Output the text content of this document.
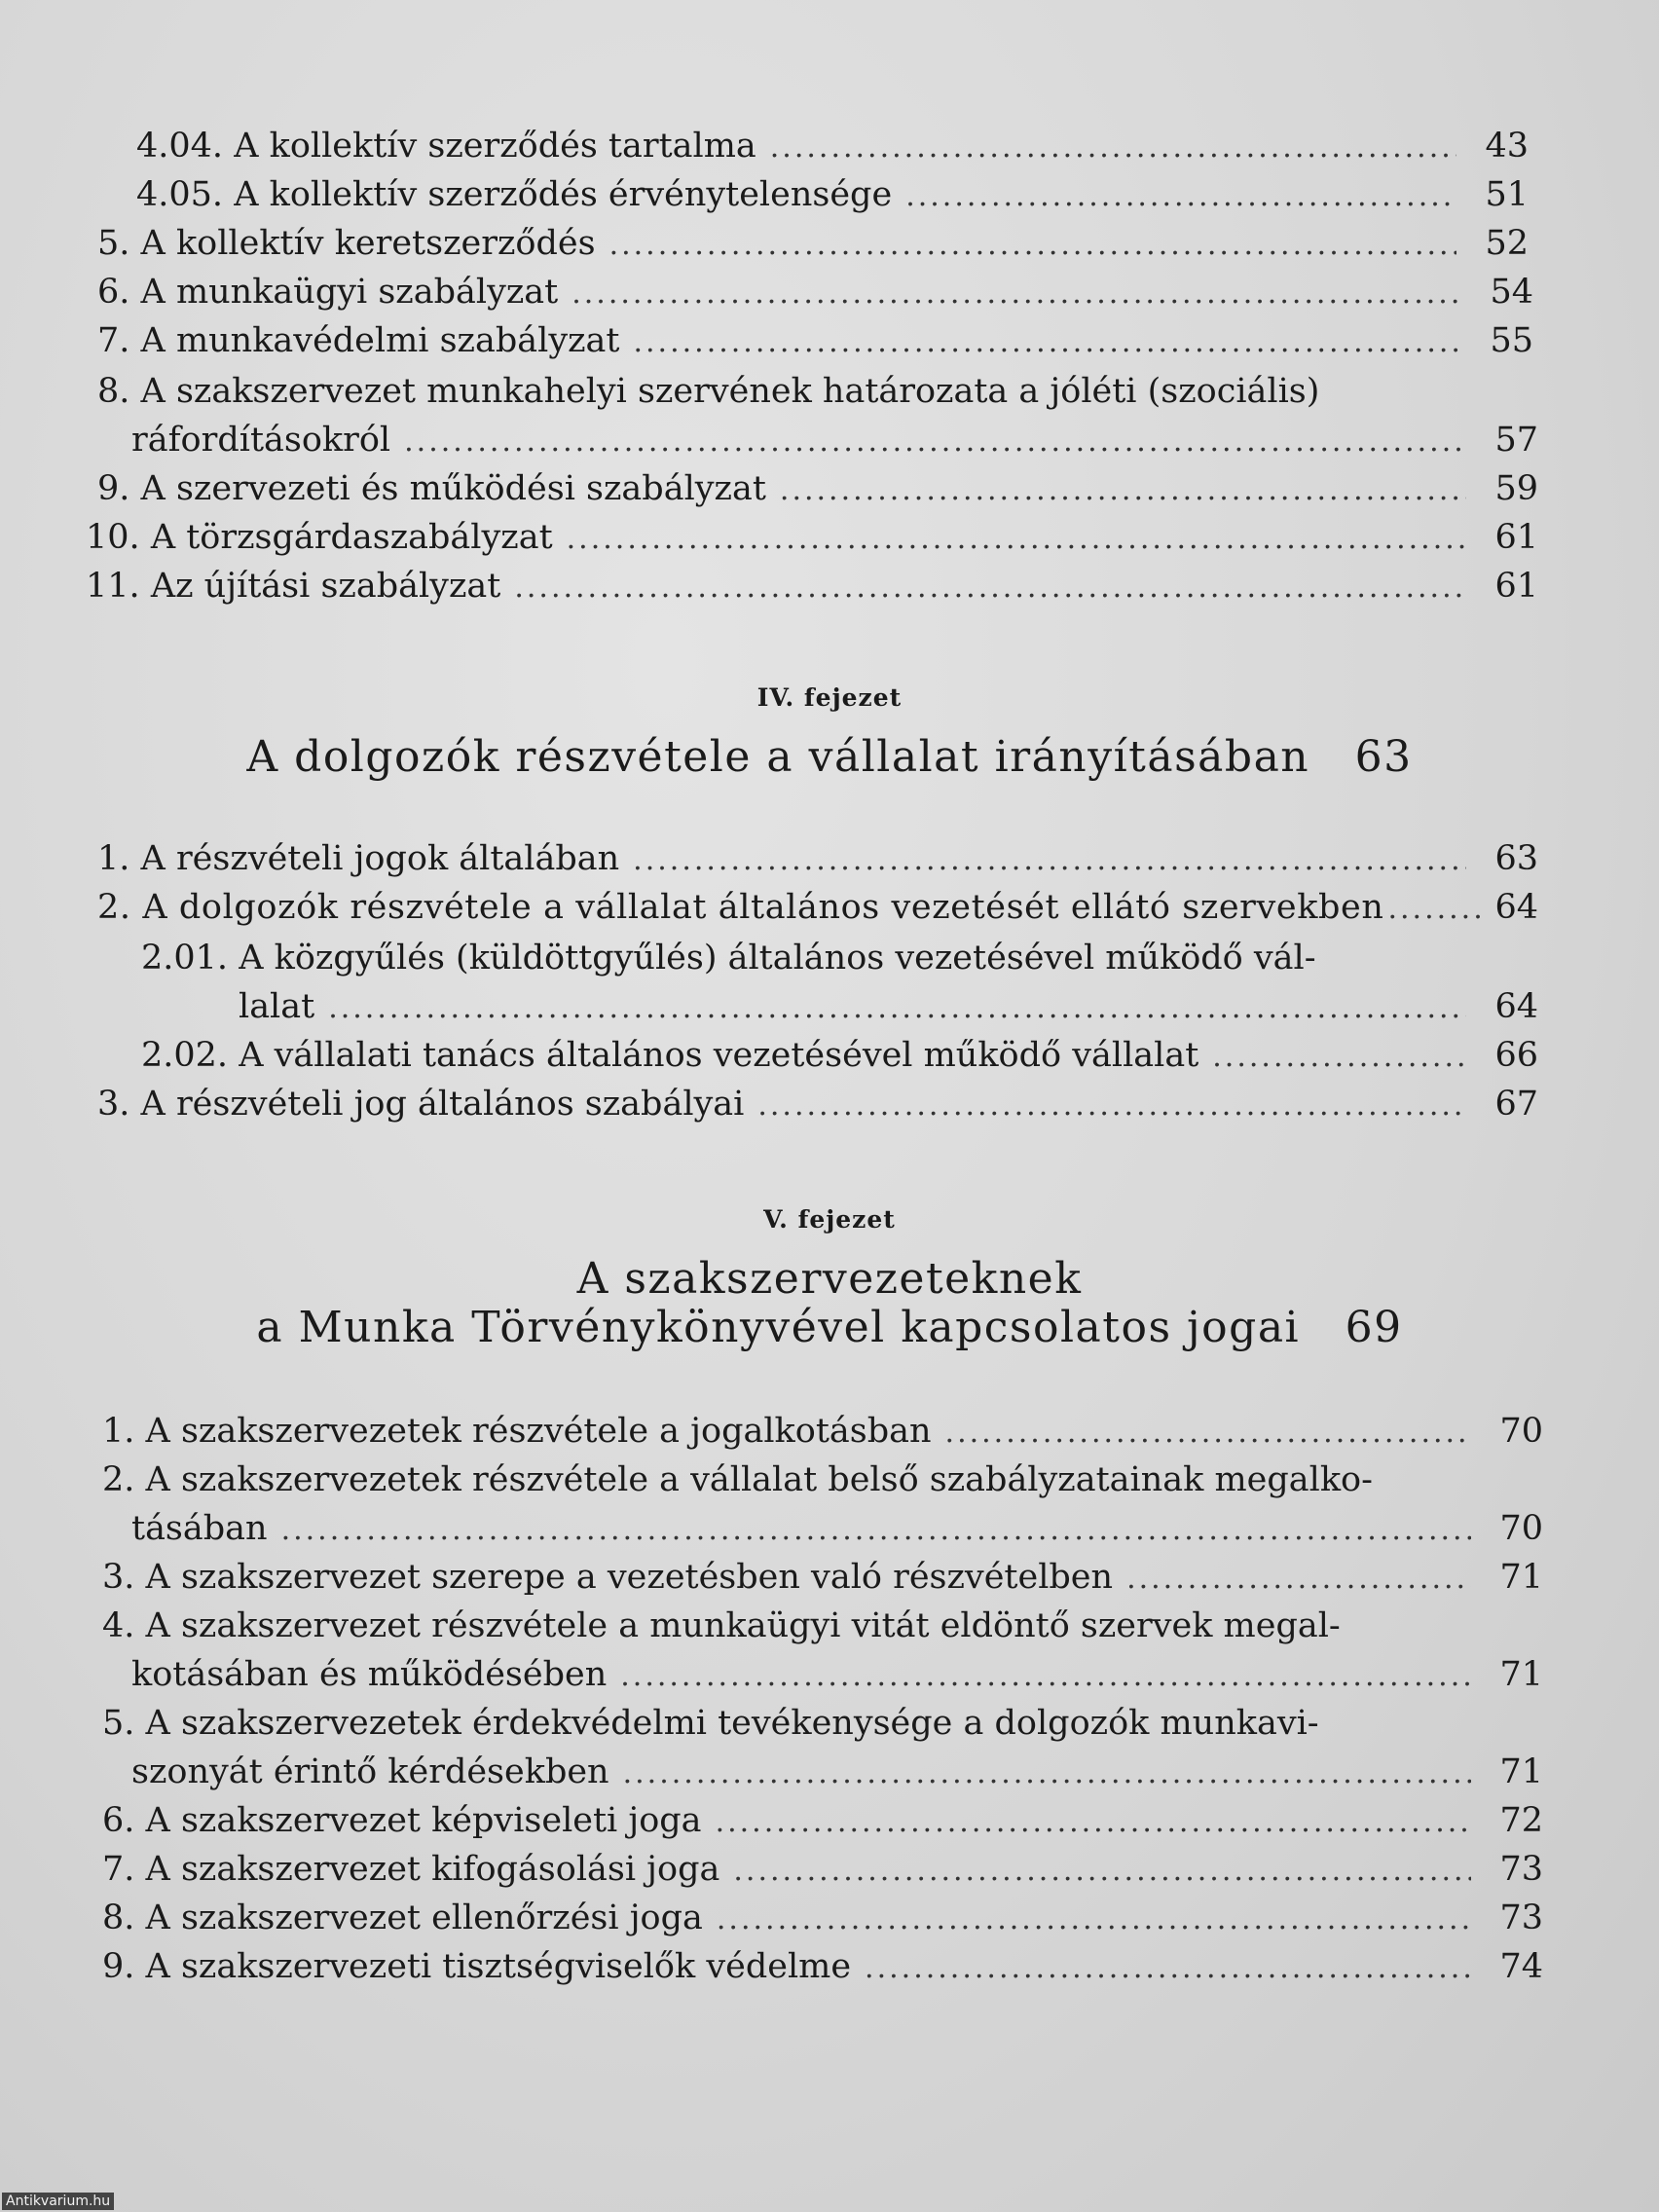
4.04. A kollektív szerződés tartalma .....	43
4.05. A kollektív szerződés érvénytelensége .....	51
5. A kollektív keretszerződés .....	52
6. A munkaügyi szabályzat .....	54
7. A munkavédelmi szabályzat .....	55
8. A szakszervezet munkahelyi szervének határozata a jóléti (szociális)
ráfordításokról .....	57
9. A szervezeti és működési szabályzat .....	59
10. A törzsgárdaszabályzat .....	61
11. Az újítási szabályzat .....	61
IV. fejezet
A dolgozók részvétele a vállalat irányításában   63
1. A részvételi jogok általában .....	63
2. A dolgozók részvétele a vállalat általános vezetését ellátó szervekben .....	64
2.01. A közgyűlés (küldöttgyűlés) általános vezetésével működő vál-
lalat .....	64
2.02. A vállalati tanács általános vezetésével működő vállalat .....	66
3. A részvételi jog általános szabályai .....	67
V. fejezet
A szakszervezeteknek
a Munka Törvénykönyvével kapcsolatos jogai   69
1. A szakszervezetek részvétele a jogalkotásban .....	70
2. A szakszervezetek részvétele a vállalat belső szabályzatainak megalko-
tásában .....	70
3. A szakszervezet szerepe a vezetésben való részvételben .....	71
4. A szakszervezet részvétele a munkaügyi vitát eldöntő szervek megal-
kotásában és működésében .....	71
5. A szakszervezetek érdekvédelmi tevékenysége a dolgozók munkavi-
szonyát érintő kérdésekben .....	71
6. A szakszervezet képviseleti joga .....	72
7. A szakszervezet kifogásolási joga .....	73
8. A szakszervezet ellenőrzési joga .....	73
9. A szakszervezeti tisztségviselők védelme .....	74
Antikvarium.hu
